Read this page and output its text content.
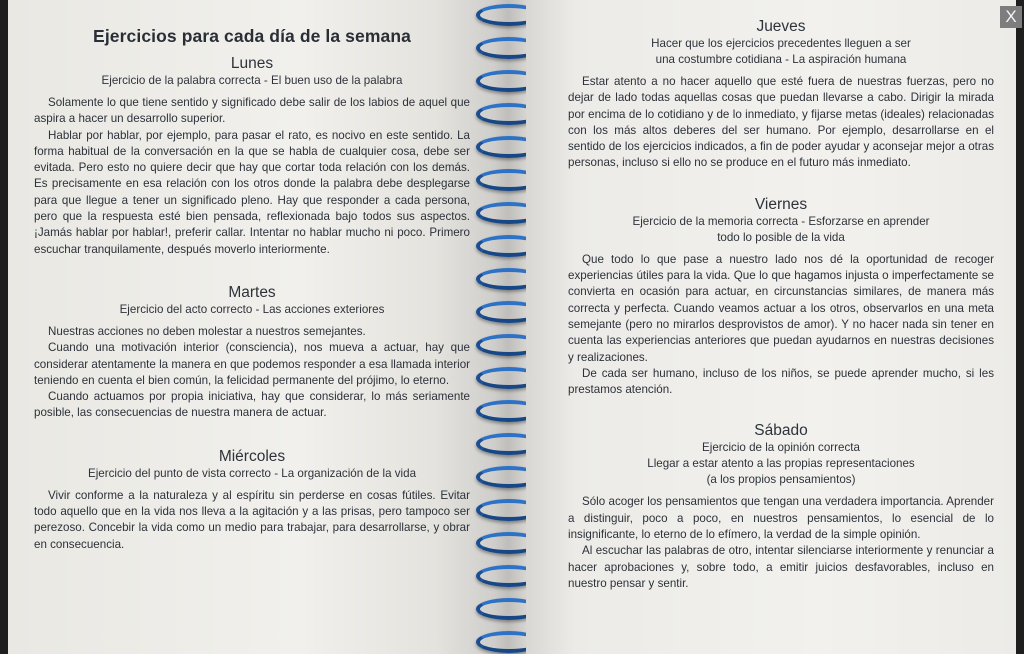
Ejercicios para cada día de la semana
Lunes
Ejercicio de la palabra correcta - El buen uso de la palabra

Solamente lo que tiene sentido y significado debe salir de los labios de aquel que aspira a hacer un desarrollo superior.

Hablar por hablar, por ejemplo, para pasar el rato, es nocivo en este sentido. La forma habitual de la conversación en la que se habla de cualquier cosa, debe ser evitada. Pero esto no quiere decir que hay que cortar toda relación con los demás. Es precisamente en esa relación con los otros donde la palabra debe desplegarse para que llegue a tener un significado pleno. Hay que responder a cada persona, pero que la respuesta esté bien pensada, reflexionada bajo todos sus aspectos. ¡Jamás hablar por hablar!, preferir callar. Intentar no hablar mucho ni poco. Primero escuchar tranquilamente, después moverlo interiormente.

Martes
Ejercicio del acto correcto - Las acciones exteriores

Nuestras acciones no deben molestar a nuestros semejantes.

Cuando una motivación interior (consciencia), nos mueva a actuar, hay que considerar atentamente la manera en que podemos responder a esa llamada interior teniendo en cuenta el bien común, la felicidad permanente del prójimo, lo eterno.

Cuando actuamos por propia iniciativa, hay que considerar, lo más seriamente posible, las consecuencias de nuestra manera de actuar.

Miércoles
Ejercicio del punto de vista correcto - La organización de la vida

Vivir conforme a la naturaleza y al espíritu sin perderse en cosas fútiles. Evitar todo aquello que en la vida nos lleva a la agitación y a las prisas, pero tampoco ser perezoso. Concebir la vida como un medio para trabajar, para desarrollarse, y obrar en consecuencia.

Jueves
Hacer que los ejercicios precedentes lleguen a ser
una costumbre cotidiana - La aspiración humana

Estar atento a no hacer aquello que esté fuera de nuestras fuerzas, pero no dejar de lado todas aquellas cosas que puedan llevarse a cabo. Dirigir la mirada por encima de lo cotidiano y de lo inmediato, y fijarse metas (ideales) relacionadas con los más altos deberes del ser humano. Por ejemplo, desarrollarse en el sentido de los ejercicios indicados, a fin de poder ayudar y aconsejar mejor a otras personas, incluso si ello no se produce en el futuro más inmediato.

Viernes
Ejercicio de la memoria correcta - Esforzarse en aprender
todo lo posible de la vida

Que todo lo que pase a nuestro lado nos dé la oportunidad de recoger experiencias útiles para la vida. Que lo que hagamos injusta o imperfectamente se convierta en ocasión para actuar, en circunstancias similares, de manera más correcta y perfecta. Cuando veamos actuar a los otros, observarlos en una meta semejante (pero no mirarlos desprovistos de amor). Y no hacer nada sin tener en cuenta las experiencias anteriores que puedan ayudarnos en nuestras decisiones y realizaciones.

De cada ser humano, incluso de los niños, se puede aprender mucho, si les prestamos atención.

Sábado
Ejercicio de la opinión correcta
Llegar a estar atento a las propias representaciones
(a los propios pensamientos)

Sólo acoger los pensamientos que tengan una verdadera importancia. Aprender a distinguir, poco a poco, en nuestros pensamientos, lo esencial de lo insignificante, lo eterno de lo efímero, la verdad de la simple opinión.

Al escuchar las palabras de otro, intentar silenciarse interiormente y renunciar a hacer aprobaciones y, sobre todo, a emitir juicios desfavorables, incluso en nuestro pensar y sentir.

X
